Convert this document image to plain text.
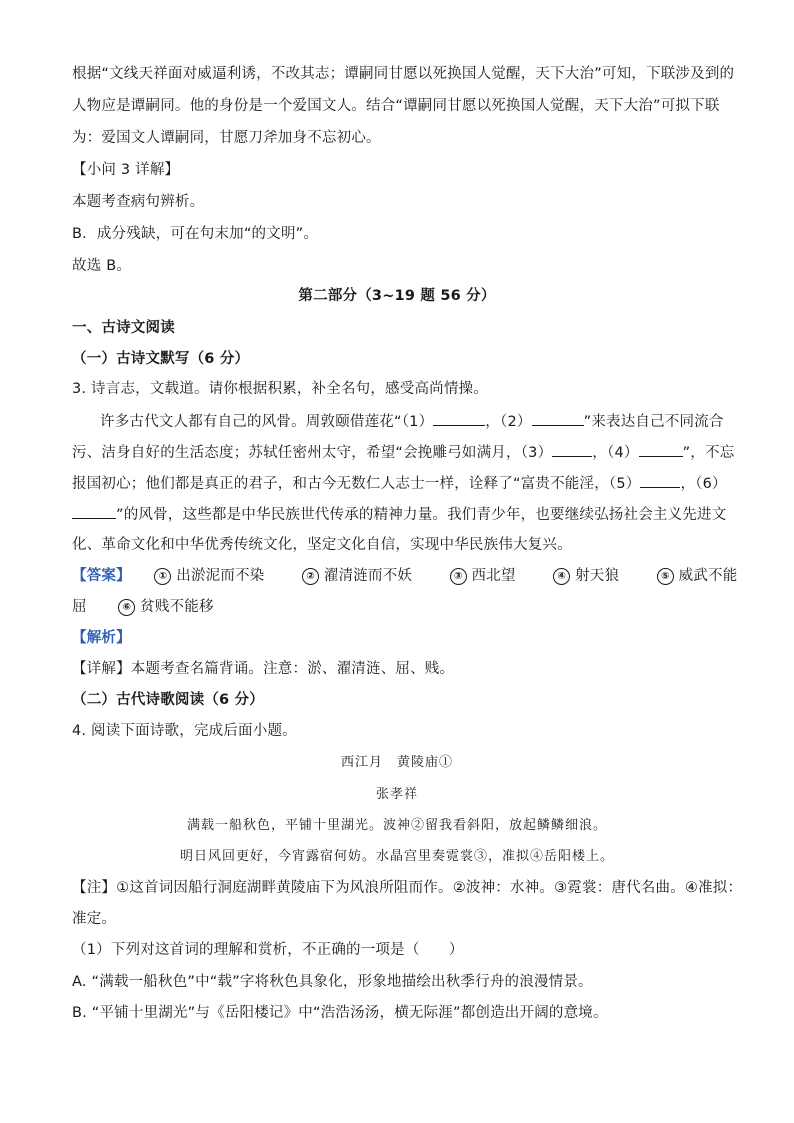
根据“文线天祥面对威逼利诱，不改其志；谭嗣同甘愿以死换国人觉醒，天下大治”可知，下联涉及到的
人物应是谭嗣同。他的身份是一个爱国文人。结合“谭嗣同甘愿以死换国人觉醒，天下大治”可拟下联
为：爱国文人谭嗣同，甘愿刀斧加身不忘初心。
【小问 3 详解】
本题考查病句辨析。
B．成分残缺，可在句末加“的文明”。
故选 B。
第二部分（3~19 题 56 分）
一、古诗文阅读
（一）古诗文默写（6 分）
3. 诗言志，文载道。请你根据积累，补全名句，感受高尚情操。
许多古代文人都有自己的风骨。周敦颐借莲花“（1）	，（2）	”来表达自己不同流合
污、洁身自好的生活态度；苏轼任密州太守，希望“会挽雕弓如满月，（3）	，（4）	”，不忘
报国初心；他们都是真正的君子，和古今无数仁人志士一样，诠释了“富贵不能淫，（5）	，（6）
”的风骨，这些都是中华民族世代传承的精神力量。我们青少年，也要继续弘扬社会主义先进文
化、革命文化和中华优秀传统文化，坚定文化自信，实现中华民族伟大复兴。
【答案】	① 出淤泥而不染	② 濯清涟而不妖	③ 西北望	④ 射天狼	⑤ 威武不能
屈	⑥ 贫贱不能移
【解析】
【详解】本题考查名篇背诵。注意：淤、濯清涟、屈、贱。
（二）古代诗歌阅读（6 分）
4. 阅读下面诗歌，完成后面小题。
西江月　黄陵庙①
张孝祥
满载一船秋色，平铺十里湖光。波神②留我看斜阳，放起鳞鳞细浪。
明日风回更好，今宵露宿何妨。水晶宫里奏霓裳③，准拟④岳阳楼上。
【注】①这首词因船行洞庭湖畔黄陵庙下为风浪所阻而作。②波神：水神。③霓裳：唐代名曲。④准拟：
准定。
（1）下列对这首词的理解和赏析，不正确的一项是（　　）
A. “满载一船秋色”中“载”字将秋色具象化，形象地描绘出秋季行舟的浪漫情景。
B. “平铺十里湖光”与《岳阳楼记》中“浩浩汤汤，横无际涯”都创造出开阔的意境。
